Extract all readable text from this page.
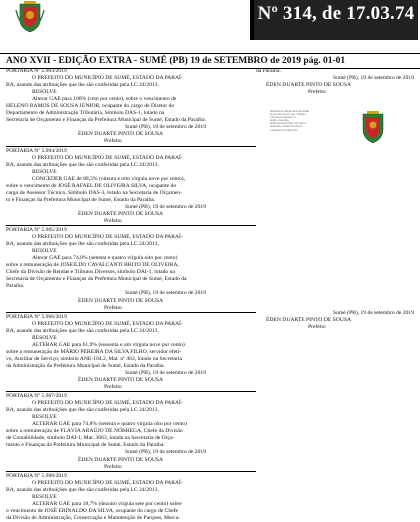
Nº 314, de 17.03.74
ANO XVII - EDIÇÃO EXTRA - SUMÉ (PB) 19 de SETEMBRO de 2019 pág. 01-01
PORTARIA Nº 5.903/2019

O PREFEITO DO MUNICÍPIO DE SUMÉ, ESTADO DA PARAÍ-

BA, usando das atribuições que lhe são conferidas pela LC 24/2013,

RESOLVE

Alterar GAE para 100% (cem por cento), sobre o vencimento de

HELENO RAMOS DE SOUSA JÚNIOR, ocupante do cargo de Diretor do

Departamento de Administração Tributária, Símbolo DAS-1, lotado na

Secretaria de Orçamento e Finanças da Prefeitura Municipal de Sumé, Estado da Paraíba.

Sumé (PB), 19 de setembro de 2019

ÉDEN DUARTE PINTO DE SOUSA

Prefeito

PORTARIA Nº 5.904/2019

O PREFEITO DO MUNICÍPIO DE SUMÉ, ESTADO DA PARAÍ-

BA, usando das atribuições que lhe são conferidas pela LC 24/2013,

RESOLVE

CONCEDER GAE de 88,5% (oitenta e oito vírgula nove por cento),

sobre o vencimento de JOSÉ RAFAEL DE OLIVEIRA SILVA, ocupante do

cargo de Assessor Técnico, Símbolo DAS-3, lotado na Secretaria de Orçamen-

to e Finanças da Prefeitura Municipal de Sumé, Estado da Paraíba.

Sumé (PB), 19 de setembro de 2019

ÉDEN DUARTE PINTO DE SOUSA

Prefeito

PORTARIA Nº 5.905/2019

O PREFEITO DO MUNICÍPIO DE SUMÉ, ESTADO DA PARAÍ-

BA, usando das atribuições que lhe são conferidas pela LC 24/2013,

RESOLVE

Alterar GAE para 74,8% (setenta e quatro vírgula oito por cento)

sobre a remuneração de JOSEILDO CAVALCANTI BRITO DE OLIVEIRA,

Chefe da Divisão de Rendas e Tributos Diversos, símbolo DAI-1, lotado na

Secretaria de Orçamento e Finanças da Prefeitura Municipal de Sumé, Estado da

Paraíba.

Sumé (PB), 19 de setembro de 2019

ÉDEN DUARTE PINTO DE SOUSA

Prefeito

PORTARIA Nº 5.906/2019

O PREFEITO DO MUNICÍPIO DE SUMÉ, ESTADO DA PARAÍ-

BA, usando das atribuições que lhe são conferidas pela LC 24/2013,

RESOLVE

ALTERAR GAE para 61,9% (sessenta e um vírgula nove por cento)

sobre a remuneração de MÁRIO PEREIRA DA SILVA FILHO, servidor efeti-

vo, Auxiliar de Serviço, símbolo ANE-104.2, Mat. nº 463, lotado na Secretaria

da Administração da Prefeitura Municipal de Sumé, Estado da Paraíba.

Sumé (PB), 19 de setembro de 2019

ÉDEN DUARTE PINTO DE SOUSA

Prefeito

PORTARIA Nº 5.907/2019

O PREFEITO DO MUNICÍPIO DE SUMÉ, ESTADO DA PARAÍ-

BA, usando das atribuições que lhe são conferidas pela LC 24/2013,

RESOLVE

ALTERAR GAE para 74,8% (setenta e quatro vírgula oito por cento)

sobre a remuneração de FLÁVIA ARAÚJO DE NÓBREGA, Chefe da Divisão

de Contabilidade, símbolo DAI-1, Mat. 3663, lotada na Secretaria de Orça-

mento e Finanças da Prefeitura Municipal de Sumé, Estado da Paraíba.

Sumé (PB), 19 de setembro de 2019

ÉDEN DUARTE PINTO DE SOUSA

Prefeito

PORTARIA Nº 5.908/2019

O PREFEITO DO MUNICÍPIO DE SUMÉ, ESTADO DA PARAÍ-

BA, usando das atribuições que lhe são conferidas pela LC 24/2013,

RESOLVE

ALTERAR GAE para 18,7% (dezoito vírgula sete por cento) sobre

o vencimento de JOSÉ ERINALDO DA SILVA, ocupante do cargo de Chefe

da Divisão de Administração, Conservação e Manutenção de Parques, Merca-

da Paraíba.

Sumé (PB), 19 de setembro de 2019

ÉDEN DUARTE PINTO DE SOUSA

Prefeito

PREFEITURA MUNICIPAL DE SUMÉ
RUA LUIZ GRANT, 300 · CENTRO
CNPJ 09.073.628/0001-91
SUMÉ · PARAÍBA
ÉDEN DUARTE PINTO DE SOUSA
PREFEITO CONSTITUCIONAL
GABINETE DO PREFEITO

Sumé (PB), 19 de setembro de 2019

ÉDEN DUARTE PINTO DE SOUSA

Prefeito
